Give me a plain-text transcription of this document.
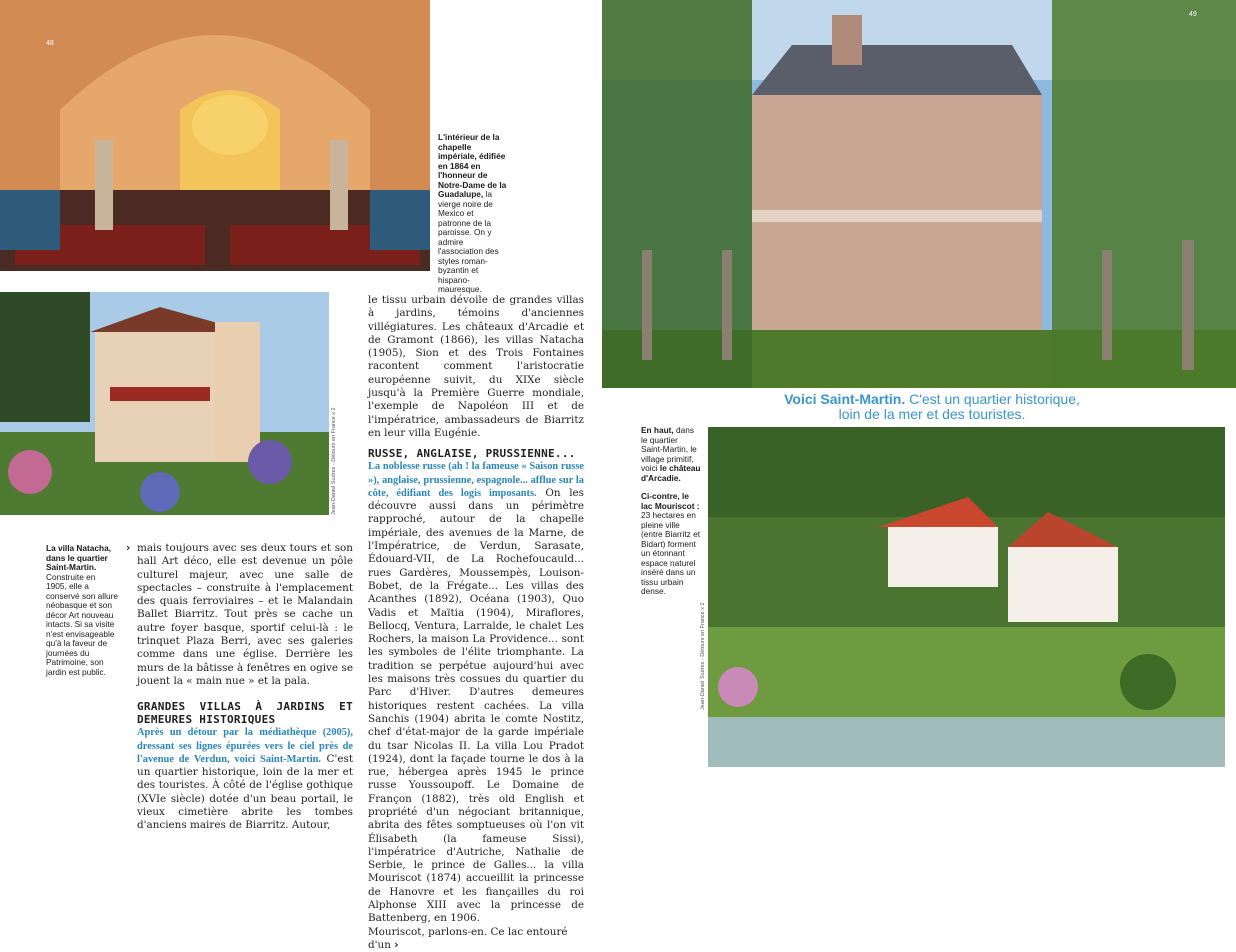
48
L'intérieur de la chapelle impériale, édifiée en 1864 en l'honneur de Notre-Dame de la Guadalupe, la vierge noire de Mexico et patronne de la paroisse. On y admire l'association des styles roman-byzantin et hispano-mauresque.
Jean-Daniel Sudres - Détours en France x 2
La villa Natacha, dans le quartier Saint-Martin. Construite en 1905, elle a conservé son allure néobasque et son décor Art nouveau intacts. Si sa visite n'est envisageable qu'à la faveur de journées du Patrimoine, son jardin est public.
› mais toujours avec ses deux tours et son hall Art déco, elle est devenue un pôle culturel majeur, avec une salle de spectacles – construite à l'emplacement des quais ferroviaires – et le Malandain Ballet Biarritz. Tout près se cache un autre foyer basque, sportif celui-là : le trinquet Plaza Berri, avec ses galeries comme dans une église. Derrière les murs de la bâtisse à fenêtres en ogive se jouent la « main nue » et la pala.
GRANDES VILLAS À JARDINS ET DEMEURES HISTORIQUES
Après un détour par la médiathèque (2005), dressant ses lignes épurées vers le ciel près de l'avenue de Verdun, voici Saint-Martin. C'est un quartier historique, loin de la mer et des touristes. À côté de l'église gothique (XVIe siècle) dotée d'un beau portail, le vieux cimetière abrite les tombes d'anciens maires de Biarritz. Autour,
le tissu urbain dévoile de grandes villas à jardins, témoins d'anciennes villégiatures. Les châteaux d'Arcadie et de Gramont (1866), les villas Natacha (1905), Sion et des Trois Fontaines racontent comment l'aristocratie européenne suivit, du XIXe siècle jusqu'à la Première Guerre mondiale, l'exemple de Napoléon III et de l'impératrice, ambassadeurs de Biarritz en leur villa Eugénie.
RUSSE, ANGLAISE, PRUSSIENNE...
La noblesse russe (ah ! la fameuse « Saison russe »), anglaise, prussienne, espagnole... afflue sur la côte, édifiant des logis imposants. On les découvre aussi dans un périmètre rapproché, autour de la chapelle impériale, des avenues de la Marne, de l'Impératrice, de Verdun, Sarasate, Édouard-VII, de La Rochefoucauld... rues Gardères, Moussempès, Louison-Bobet, de la Frégate... Les villas des Acanthes (1892), Océana (1903), Quo Vadis et Maïtia (1904), Miraflores, Bellocq, Ventura, Larralde, le chalet Les Rochers, la maison La Providence... sont les symboles de l'élite triomphante. La tradition se perpétue aujourd'hui avec les maisons très cossues du quartier du Parc d'Hiver. D'autres demeures historiques restent cachées. La villa Sanchis (1904) abrita le comte Nostitz, chef d'état-major de la garde impériale du tsar Nicolas II. La villa Lou Pradot (1924), dont la façade tourne le dos à la rue, hébergea après 1945 le prince russe Youssoupoff. Le Domaine de Françon (1882), très old English et propriété d'un négociant britannique, abrita des fêtes somptueuses où l'on vit Élisabeth (la fameuse Sissi), l'impératrice d'Autriche, Nathalie de Serbie, le prince de Galles... la villa Mouriscot (1874) accueillit la princesse de Hanovre et les fiançailles du roi Alphonse XIII avec la princesse de Battenberg, en 1906.
Mouriscot, parlons-en. Ce lac entouré d'un ›
49
Voici Saint-Martin. C'est un quartier historique, loin de la mer et des touristes.
En haut, dans le quartier Saint-Martin, le village primitif, voici le château d'Arcadie.
Ci-contre, le lac Mouriscot : 23 hectares en pleine ville (entre Biarritz et Bidart) forment un étonnant espace naturel inséré dans un tissu urbain dense.
Jean-Daniel Sudres - Détours en France x 2
